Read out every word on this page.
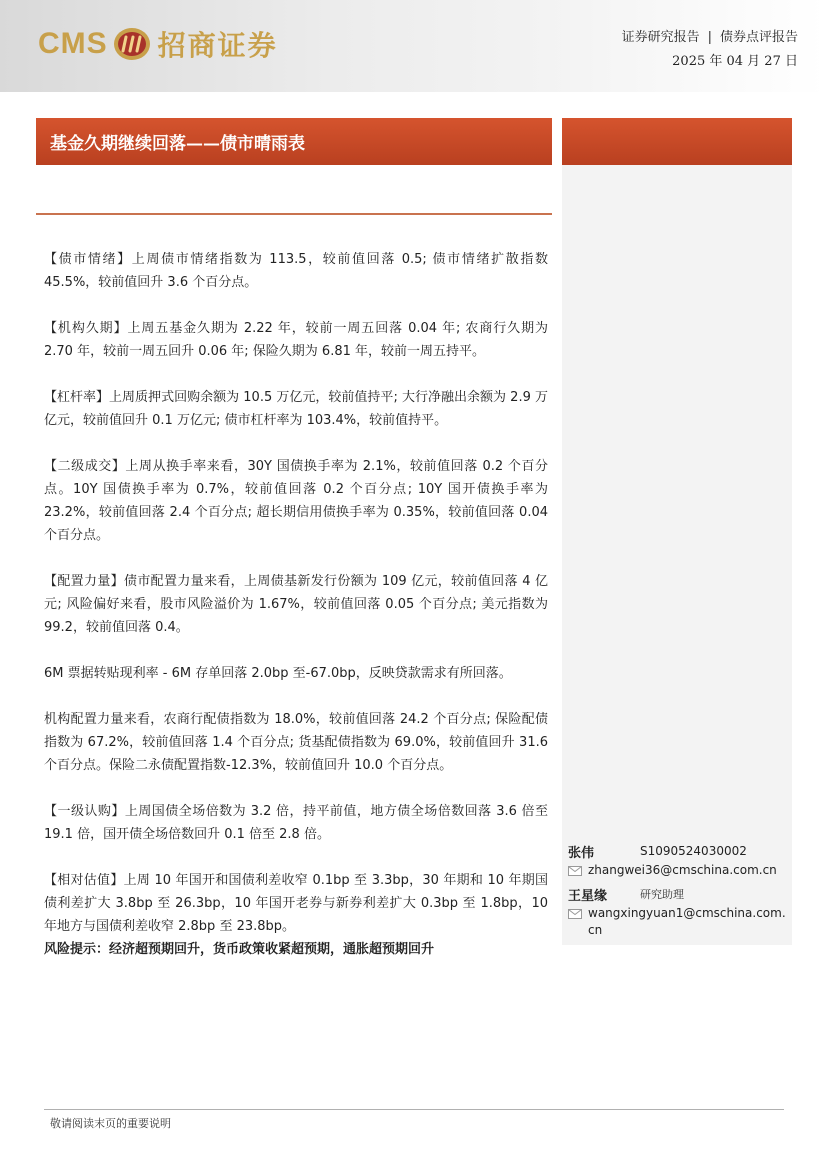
CMS 招商证券	证券研究报告 | 债券点评报告
2025 年 04 月 27 日
基金久期继续回落——债市晴雨表

【债市情绪】上周债市情绪指数为 113.5，较前值回落 0.5; 债市情绪扩散指数 45.5%，较前值回升 3.6 个百分点。

【机构久期】上周五基金久期为 2.22 年，较前一周五回落 0.04 年; 农商行久期为 2.70 年，较前一周五回升 0.06 年; 保险久期为 6.81 年，较前一周五持平。

【杠杆率】上周质押式回购余额为 10.5 万亿元，较前值持平; 大行净融出余额为 2.9 万亿元，较前值回升 0.1 万亿元; 债市杠杆率为 103.4%，较前值持平。

【二级成交】上周从换手率来看，30Y 国债换手率为 2.1%，较前值回落 0.2 个百分点。10Y 国债换手率为 0.7%，较前值回落 0.2 个百分点; 10Y 国开债换手率为 23.2%，较前值回落 2.4 个百分点; 超长期信用债换手率为 0.35%，较前值回落 0.04 个百分点。

【配置力量】债市配置力量来看，上周债基新发行份额为 109 亿元，较前值回落 4 亿元; 风险偏好来看，股市风险溢价为 1.67%，较前值回落 0.05 个百分点; 美元指数为 99.2，较前值回落 0.4。

6M 票据转贴现利率 - 6M 存单回落 2.0bp 至-67.0bp，反映贷款需求有所回落。

机构配置力量来看，农商行配债指数为 18.0%，较前值回落 24.2 个百分点; 保险配债指数为 67.2%，较前值回落 1.4 个百分点; 货基配债指数为 69.0%，较前值回升 31.6 个百分点。保险二永债配置指数-12.3%，较前值回升 10.0 个百分点。

【一级认购】上周国债全场倍数为 3.2 倍，持平前值，地方债全场倍数回落 3.6 倍至 19.1 倍，国开债全场倍数回升 0.1 倍至 2.8 倍。

【相对估值】上周 10 年国开和国债利差收窄 0.1bp 至 3.3bp，30 年期和 10 年期国债利差扩大 3.8bp 至 26.3bp，10 年国开老券与新券利差扩大 0.3bp 至 1.8bp，10 年地方与国债利差收窄 2.8bp 至 23.8bp。

风险提示：经济超预期回升，货币政策收紧超预期，通胀超预期回升

张伟	S1090524030002
zhangwei36@cmschina.com.cn
王星缘	研究助理
wangxingyuan1@cmschina.com.cn
敬请阅读末页的重要说明
